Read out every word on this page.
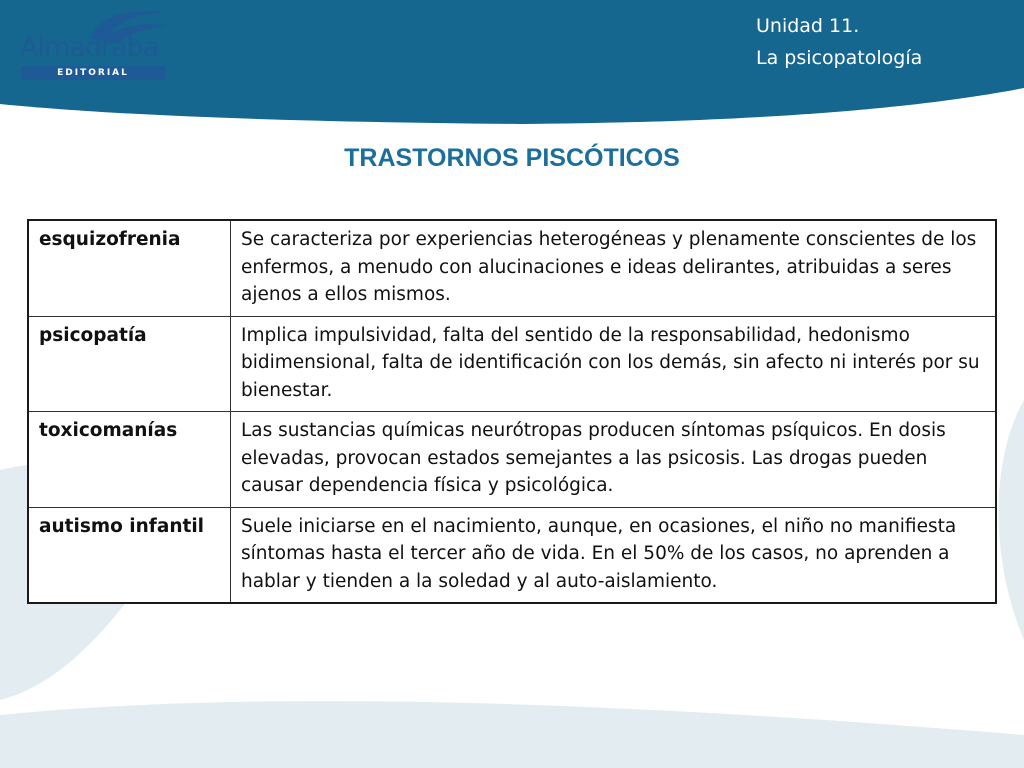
Almadraba
EDITORIAL
Unidad 11.
La psicopatología
TRASTORNOS PISCÓTICOS
esquizofrenia	Se caracteriza por experiencias heterogéneas y plenamente conscientes de los enfermos, a menudo con alucinaciones e ideas delirantes, atribuidas a seres ajenos a ellos mismos.
psicopatía	Implica impulsividad, falta del sentido de la responsabilidad, hedonismo bidimensional, falta de identificación con los demás, sin afecto ni interés por su bienestar.
toxicomanías	Las sustancias químicas neurótropas producen síntomas psíquicos. En dosis elevadas, provocan estados semejantes a las psicosis. Las drogas pueden causar dependencia física y psicológica.
autismo infantil	Suele iniciarse en el nacimiento, aunque, en ocasiones, el niño no manifiesta síntomas hasta el tercer año de vida. En el 50% de los casos, no aprenden a hablar y tienden a la soledad y al auto-aislamiento.
